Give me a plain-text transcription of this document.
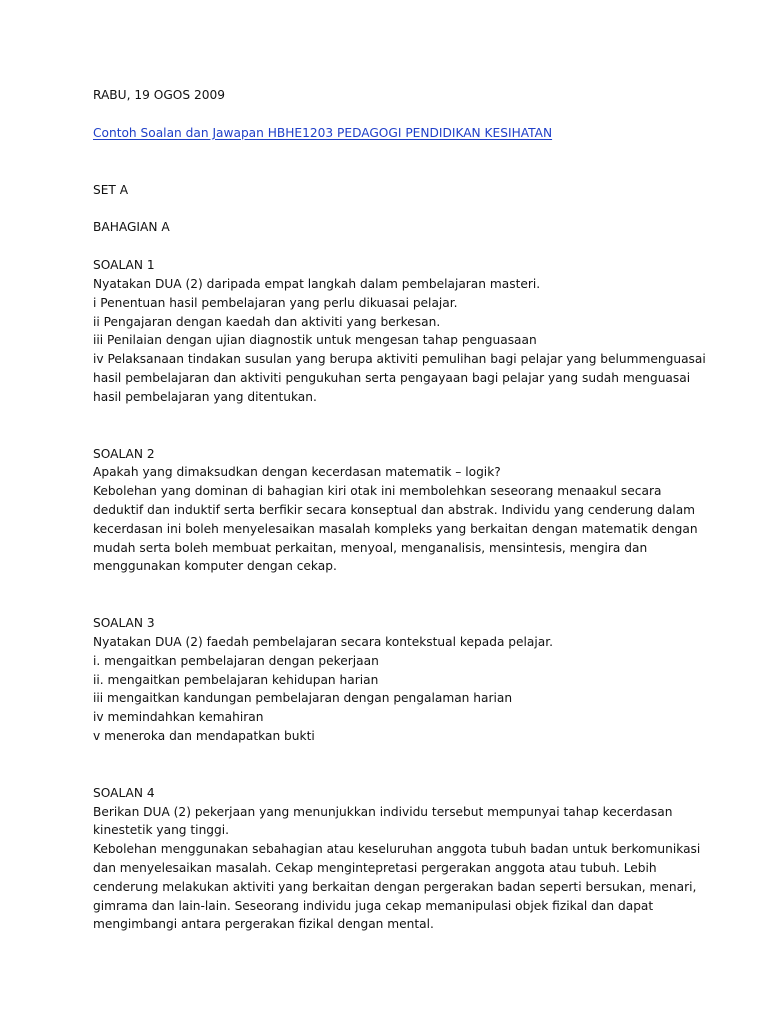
RABU, 19 OGOS 2009
Contoh Soalan dan Jawapan HBHE1203 PEDAGOGI PENDIDIKAN KESIHATAN
SET A
BAHAGIAN A
SOALAN 1
Nyatakan DUA (2) daripada empat langkah dalam pembelajaran masteri.
i Penentuan hasil pembelajaran yang perlu dikuasai pelajar.
ii Pengajaran dengan kaedah dan aktiviti yang berkesan.
iii Penilaian dengan ujian diagnostik untuk mengesan tahap penguasaan
iv Pelaksanaan tindakan susulan yang berupa aktiviti pemulihan bagi pelajar yang belummenguasai
hasil pembelajaran dan aktiviti pengukuhan serta pengayaan bagi pelajar yang sudah menguasai
hasil pembelajaran yang ditentukan.
SOALAN 2
Apakah yang dimaksudkan dengan kecerdasan matematik – logik?
Kebolehan yang dominan di bahagian kiri otak ini membolehkan seseorang menaakul secara
deduktif dan induktif serta berfikir secara konseptual dan abstrak. Individu yang cenderung dalam
kecerdasan ini boleh menyelesaikan masalah kompleks yang berkaitan dengan matematik dengan
mudah serta boleh membuat perkaitan, menyoal, menganalisis, mensintesis, mengira dan
menggunakan komputer dengan cekap.
SOALAN 3
Nyatakan DUA (2) faedah pembelajaran secara kontekstual kepada pelajar.
i. mengaitkan pembelajaran dengan pekerjaan
ii. mengaitkan pembelajaran kehidupan harian
iii mengaitkan kandungan pembelajaran dengan pengalaman harian
iv memindahkan kemahiran
v meneroka dan mendapatkan bukti
SOALAN 4
Berikan DUA (2) pekerjaan yang menunjukkan individu tersebut mempunyai tahap kecerdasan
kinestetik yang tinggi.
Kebolehan menggunakan sebahagian atau keseluruhan anggota tubuh badan untuk berkomunikasi
dan menyelesaikan masalah. Cekap mengintepretasi pergerakan anggota atau tubuh. Lebih
cenderung melakukan aktiviti yang berkaitan dengan pergerakan badan seperti bersukan, menari,
gimrama dan lain-lain. Seseorang individu juga cekap memanipulasi objek fizikal dan dapat
mengimbangi antara pergerakan fizikal dengan mental.
